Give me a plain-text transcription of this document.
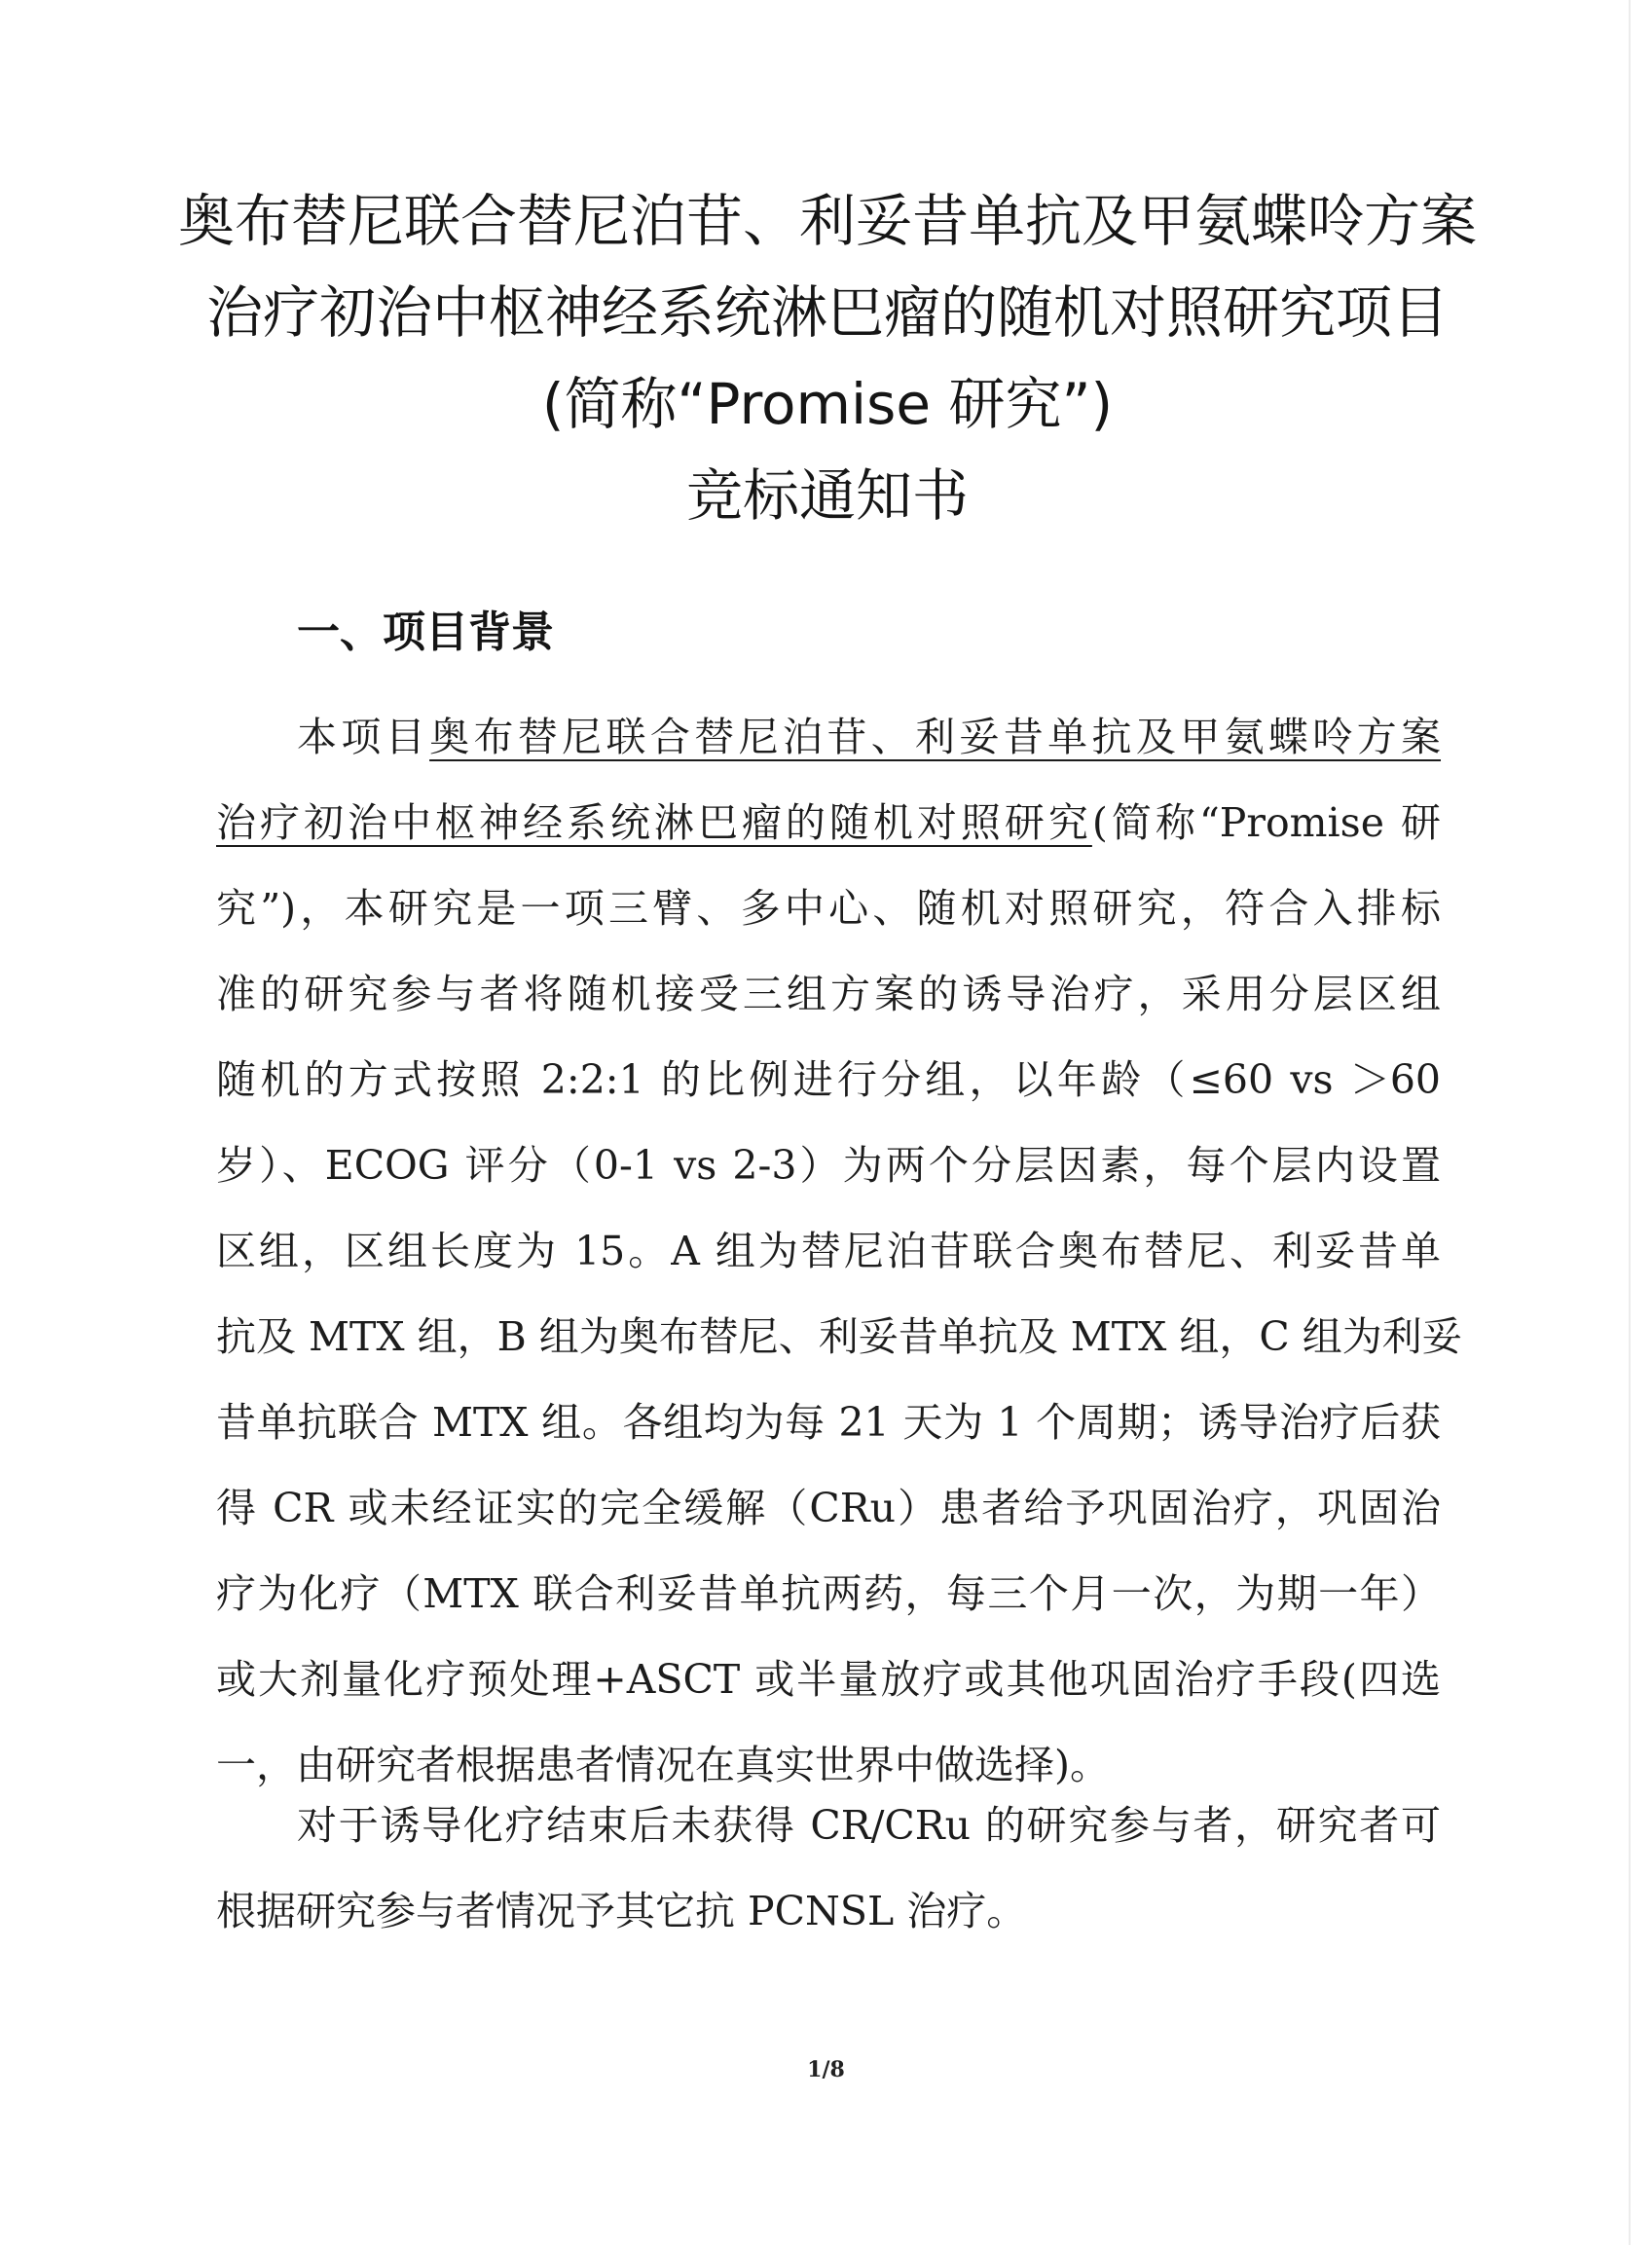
奥布替尼联合替尼泊苷、利妥昔单抗及甲氨蝶呤方案
治疗初治中枢神经系统淋巴瘤的随机对照研究项目
(简称“Promise 研究”)
竞标通知书
一、项目背景
本项目奥布替尼联合替尼泊苷、利妥昔单抗及甲氨蝶呤方案
治疗初治中枢神经系统淋巴瘤的随机对照研究(简称“Promise 研
究”)，本研究是一项三臂、多中心、随机对照研究，符合入排标
准的研究参与者将随机接受三组方案的诱导治疗，采用分层区组
随机的方式按照 2:2:1 的比例进行分组，以年龄（≤60 vs ＞60
岁）、ECOG 评分（0-1 vs 2-3）为两个分层因素，每个层内设置
区组，区组长度为 15。A 组为替尼泊苷联合奥布替尼、利妥昔单
抗及 MTX 组，B 组为奥布替尼、利妥昔单抗及 MTX 组，C 组为利妥
昔单抗联合 MTX 组。各组均为每 21 天为 1 个周期；诱导治疗后获
得 CR 或未经证实的完全缓解（CRu）患者给予巩固治疗，巩固治
疗为化疗（MTX 联合利妥昔单抗两药，每三个月一次，为期一年）
或大剂量化疗预处理+ASCT 或半量放疗或其他巩固治疗手段(四选
一，由研究者根据患者情况在真实世界中做选择)。
对于诱导化疗结束后未获得 CR/CRu 的研究参与者，研究者可
根据研究参与者情况予其它抗 PCNSL 治疗。
1/8
